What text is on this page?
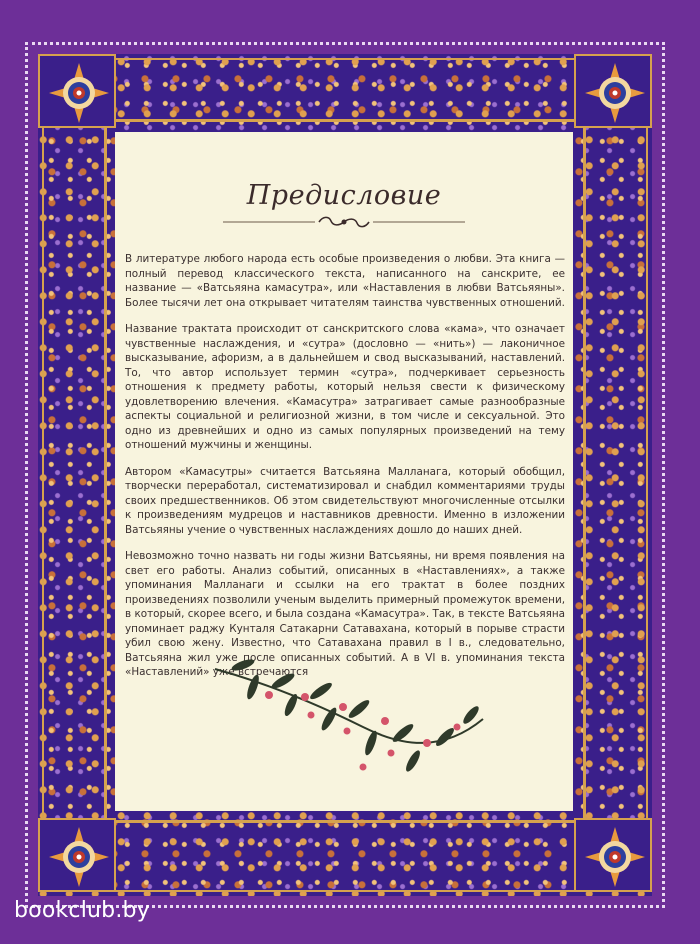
Предисловие

В литературе любого народа есть особые произведения о любви. Эта книга — полный перевод классического текста, написанного на санскрите, ее название — «Ватсьяяна камасутра», или «Наставления в любви Ватсьяяны». Более тысячи лет она открывает читателям таинства чувственных отношений.

Название трактата происходит от санскритского слова «кама», что означает чувственные наслаждения, и «сутра» (дословно — «нить») — лаконичное высказывание, афоризм, а в дальнейшем и свод высказываний, наставлений. То, что автор использует термин «сутра», подчеркивает серьезность отношения к предмету работы, который нельзя свести к физическому удовлетворению влечения. «Камасутра» затрагивает самые разнообразные аспекты социальной и религиозной жизни, в том числе и сексуальной. Это одно из древнейших и одно из самых популярных произведений на тему отношений мужчины и женщины.

Автором «Камасутры» считается Ватсьяяна Малланага, который обобщил, творчески переработал, систематизировал и снабдил комментариями труды своих предшественников. Об этом свидетельствуют многочисленные отсылки к произведениям мудрецов и наставников древности. Именно в изложении Ватсьяяны учение о чувственных наслаждениях дошло до наших дней.

Невозможно точно назвать ни годы жизни Ватсьяяны, ни время появления на свет его работы. Анализ событий, описанных в «Наставлениях», а также упоминания Малланаги и ссылки на его трактат в более поздних произведениях позволили ученым выделить примерный промежуток времени, в который, скорее всего, и была создана «Камасутра». Так, в тексте Ватсьяяна упоминает раджу Кунталя Сатакарни Сатавахана, который в порыве страсти убил свою жену. Известно, что Сатавахана правил в I в., следовательно, Ватсьяяна жил уже после описанных событий. А в VI в. упоминания текста «Наставлений» уже встречаются

bookclub.by
